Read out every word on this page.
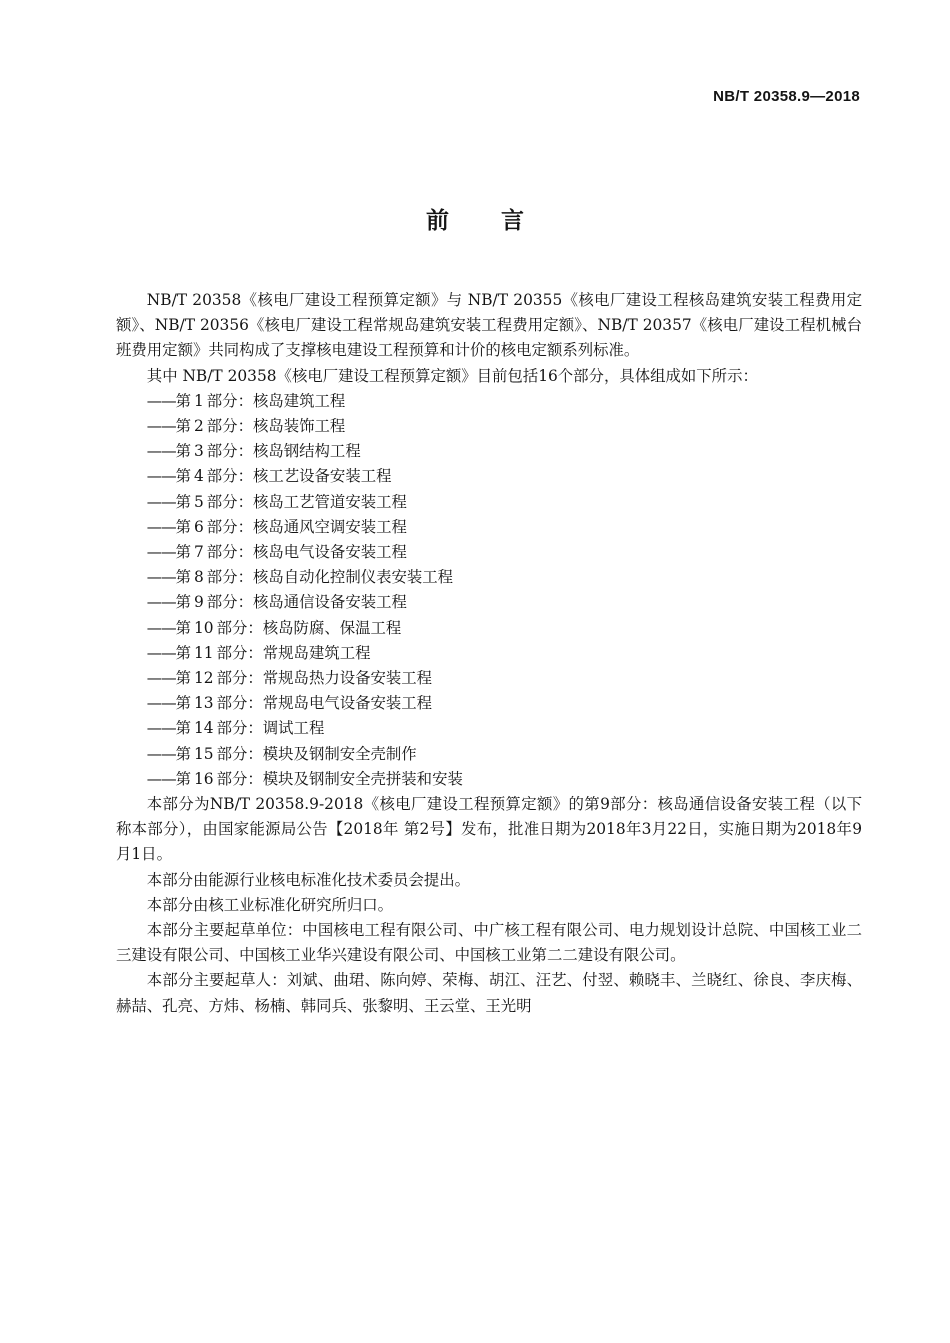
NB/T 20358.9—2018
前 言

NB/T 20358《核电厂建设工程预算定额》与 NB/T 20355《核电厂建设工程核岛建筑安装工程费用定额》、NB/T 20356《核电厂建设工程常规岛建筑安装工程费用定额》、NB/T 20357《核电厂建设工程机械台班费用定额》共同构成了支撑核电建设工程预算和计价的核电定额系列标准。

其中 NB/T 20358《核电厂建设工程预算定额》目前包括16个部分，具体组成如下所示：

——第 1 部分：核岛建筑工程
——第 2 部分：核岛装饰工程
——第 3 部分：核岛钢结构工程
——第 4 部分：核工艺设备安装工程
——第 5 部分：核岛工艺管道安装工程
——第 6 部分：核岛通风空调安装工程
——第 7 部分：核岛电气设备安装工程
——第 8 部分：核岛自动化控制仪表安装工程
——第 9 部分：核岛通信设备安装工程
——第 10 部分：核岛防腐、保温工程
——第 11 部分：常规岛建筑工程
——第 12 部分：常规岛热力设备安装工程
——第 13 部分：常规岛电气设备安装工程
——第 14 部分：调试工程
——第 15 部分：模块及钢制安全壳制作
——第 16 部分：模块及钢制安全壳拼装和安装

本部分为NB/T 20358.9-2018《核电厂建设工程预算定额》的第9部分：核岛通信设备安装工程（以下称本部分），由国家能源局公告【2018年 第2号】发布，批准日期为2018年3月22日，实施日期为2018年9月1日。

本部分由能源行业核电标准化技术委员会提出。

本部分由核工业标准化研究所归口。

本部分主要起草单位：中国核电工程有限公司、中广核工程有限公司、电力规划设计总院、中国核工业二三建设有限公司、中国核工业华兴建设有限公司、中国核工业第二二建设有限公司。

本部分主要起草人：刘斌、曲珺、陈向婷、荣梅、胡江、汪艺、付翌、赖晓丰、兰晓红、徐良、李庆梅、赫喆、孔亮、方炜、杨楠、韩同兵、张黎明、王云堂、王光明
